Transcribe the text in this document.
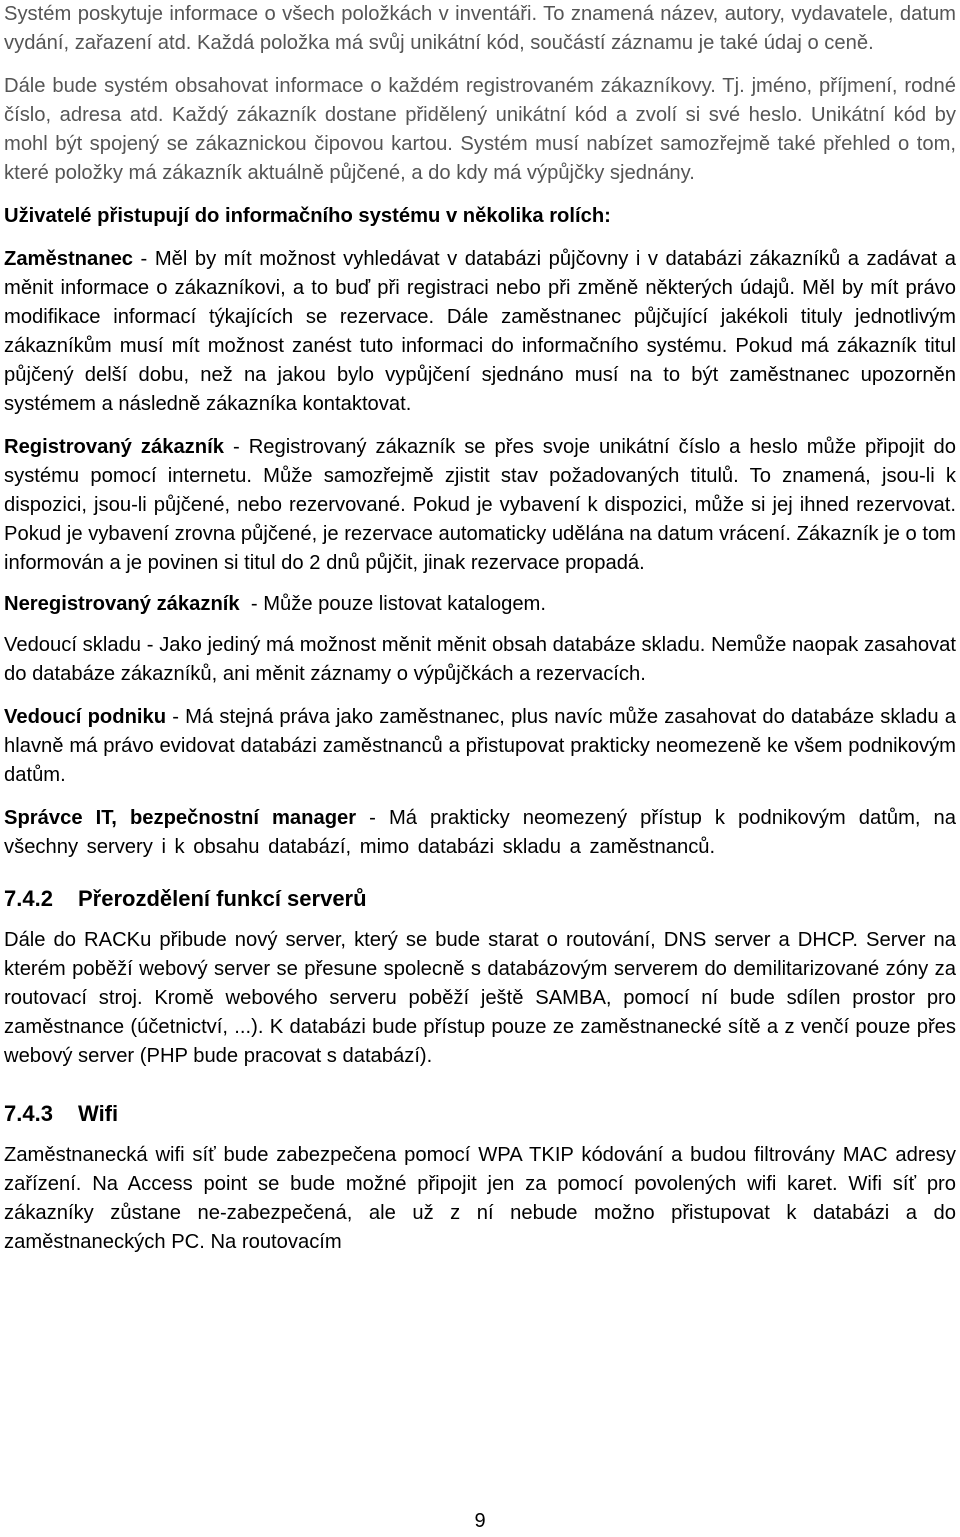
Systém poskytuje informace o všech položkách v inventáři. To znamená název, autory, vydavatele, datum vydání, zařazení atd. Každá položka má svůj unikátní kód, součástí záznamu je také údaj o ceně.

Dále bude systém obsahovat informace o každém registrovaném zákazníkovy. Tj. jméno, příjmení, rodné číslo, adresa atd. Každý zákazník dostane přidělený unikátní kód a zvolí si své heslo. Unikátní kód by mohl být spojený se zákaznickou čipovou kartou. Systém musí nabízet samozřejmě také přehled o tom, které položky má zákazník aktuálně půjčené, a do kdy má výpůjčky sjednány.

Uživatelé přistupují do informačního systému v několika rolích:

Zaměstnanec - Měl by mít možnost vyhledávat v databázi půjčovny i v databázi zákazníků a zadávat a měnit informace o zákazníkovi, a to buď při registraci nebo při změně některých údajů. Měl by mít právo modifikace informací týkajících se rezervace. Dále zaměstnanec půjčující jakékoli tituly jednotlivým zákazníkům musí mít možnost zanést tuto informaci do informačního systému. Pokud má zákazník titul půjčený delší dobu, než na jakou bylo vypůjčení sjednáno musí na to být zaměstnanec upozorněn systémem a následně zákazníka kontaktovat.

Registrovaný zákazník - Registrovaný zákazník se přes svoje unikátní číslo a heslo může připojit do systému pomocí internetu. Může samozřejmě zjistit stav požadovaných titulů. To znamená, jsou-li k dispozici, jsou-li půjčené, nebo rezervované. Pokud je vybavení k dispozici, může si jej ihned rezervovat. Pokud je vybavení zrovna půjčené, je rezervace automaticky udělána na datum vrácení. Zákazník je o tom informován a je povinen si titul do 2 dnů půjčit, jinak rezervace propadá.

Neregistrovaný zákazník  - Může pouze listovat katalogem.

Vedoucí skladu - Jako jediný má možnost měnit měnit obsah databáze skladu. Nemůže naopak zasahovat do databáze zákazníků, ani měnit záznamy o výpůjčkách a rezervacích.

Vedoucí podniku - Má stejná práva jako zaměstnanec, plus navíc může zasahovat do databáze skladu a hlavně má právo evidovat databázi zaměstnanců a přistupovat prakticky neomezeně ke všem podnikovým datům.

Správce IT, bezpečnostní manager - Má prakticky neomezený přístup k podnikovým datům, na všechny servery i k obsahu databází, mimo databázi skladu a zaměstnanců.

7.4.2 Přerozdělení funkcí serverů

Dále do RACKu přibude nový server, který se bude starat o routování, DNS server a DHCP. Server na kterém poběží webový server se přesune spolecně s databázovým serverem do demilitarizované zóny za routovací stroj. Kromě webového serveru poběží ještě SAMBA, pomocí ní bude sdílen prostor pro zaměstnance (účetnictví, ...). K databázi bude přístup pouze ze zaměstnanecké sítě a z venčí pouze přes webový server (PHP bude pracovat s databází).

7.4.3 Wifi

Zaměstnanecká wifi síť bude zabezpečena pomocí WPA TKIP kódování a budou filtrovány MAC adresy zařízení. Na Access point se bude možné připojit jen za pomocí povolených wifi karet. Wifi síť pro zákazníky zůstane ne-zabezpečená, ale už z ní nebude možno přistupovat k databázi a do zaměstnaneckých PC. Na routovacím

9
